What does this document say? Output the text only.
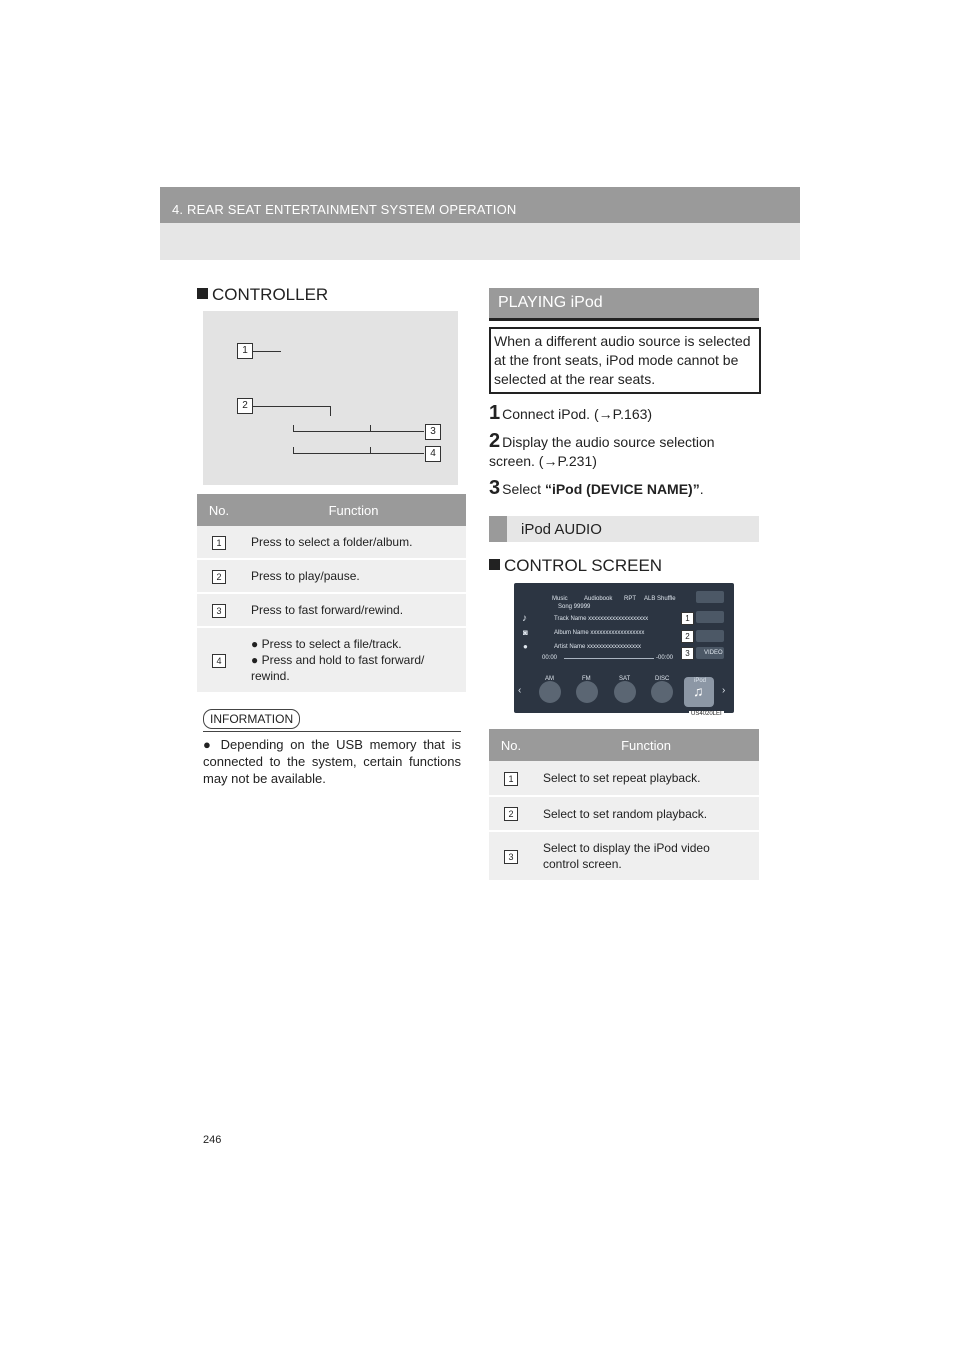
4. REAR SEAT ENTERTAINMENT SYSTEM OPERATION
CONTROLLER
1
2
3
4
No.	Function
1	Press to select a folder/album.
2	Press to play/pause.
3	Press to fast forward/rewind.
4	● Press to select a file/track.
● Press and hold to fast forward/ rewind.
INFORMATION
● Depending on the USB memory that is connected to the system, certain functions may not be available.
PLAYING iPod
When a different audio source is selected at the front seats, iPod mode cannot be selected at the rear seats.
1 Connect iPod. (→P.163)
2 Display the audio source selection screen. (→P.231)
3 Select “iPod (DEVICE NAME)”.
iPod AUDIO
CONTROL SCREEN
Music	Audiobook RPT ALB Shuffle
Song 99999
♪	Track Name xxxxxxxxxxxxxxxxxxxx
◙	Album Name xxxxxxxxxxxxxxxxxx
●	Artist Name xxxxxxxxxxxxxxxxxx
00:00	-00:00
VIDEO
1
2
3
‹
AM	FM	SAT	DISC	iPod
♫ ›
US4020LEI
No.	Function
1	Select to set repeat playback.
2	Select to set random playback.
3	Select to display the iPod video control screen.
246
